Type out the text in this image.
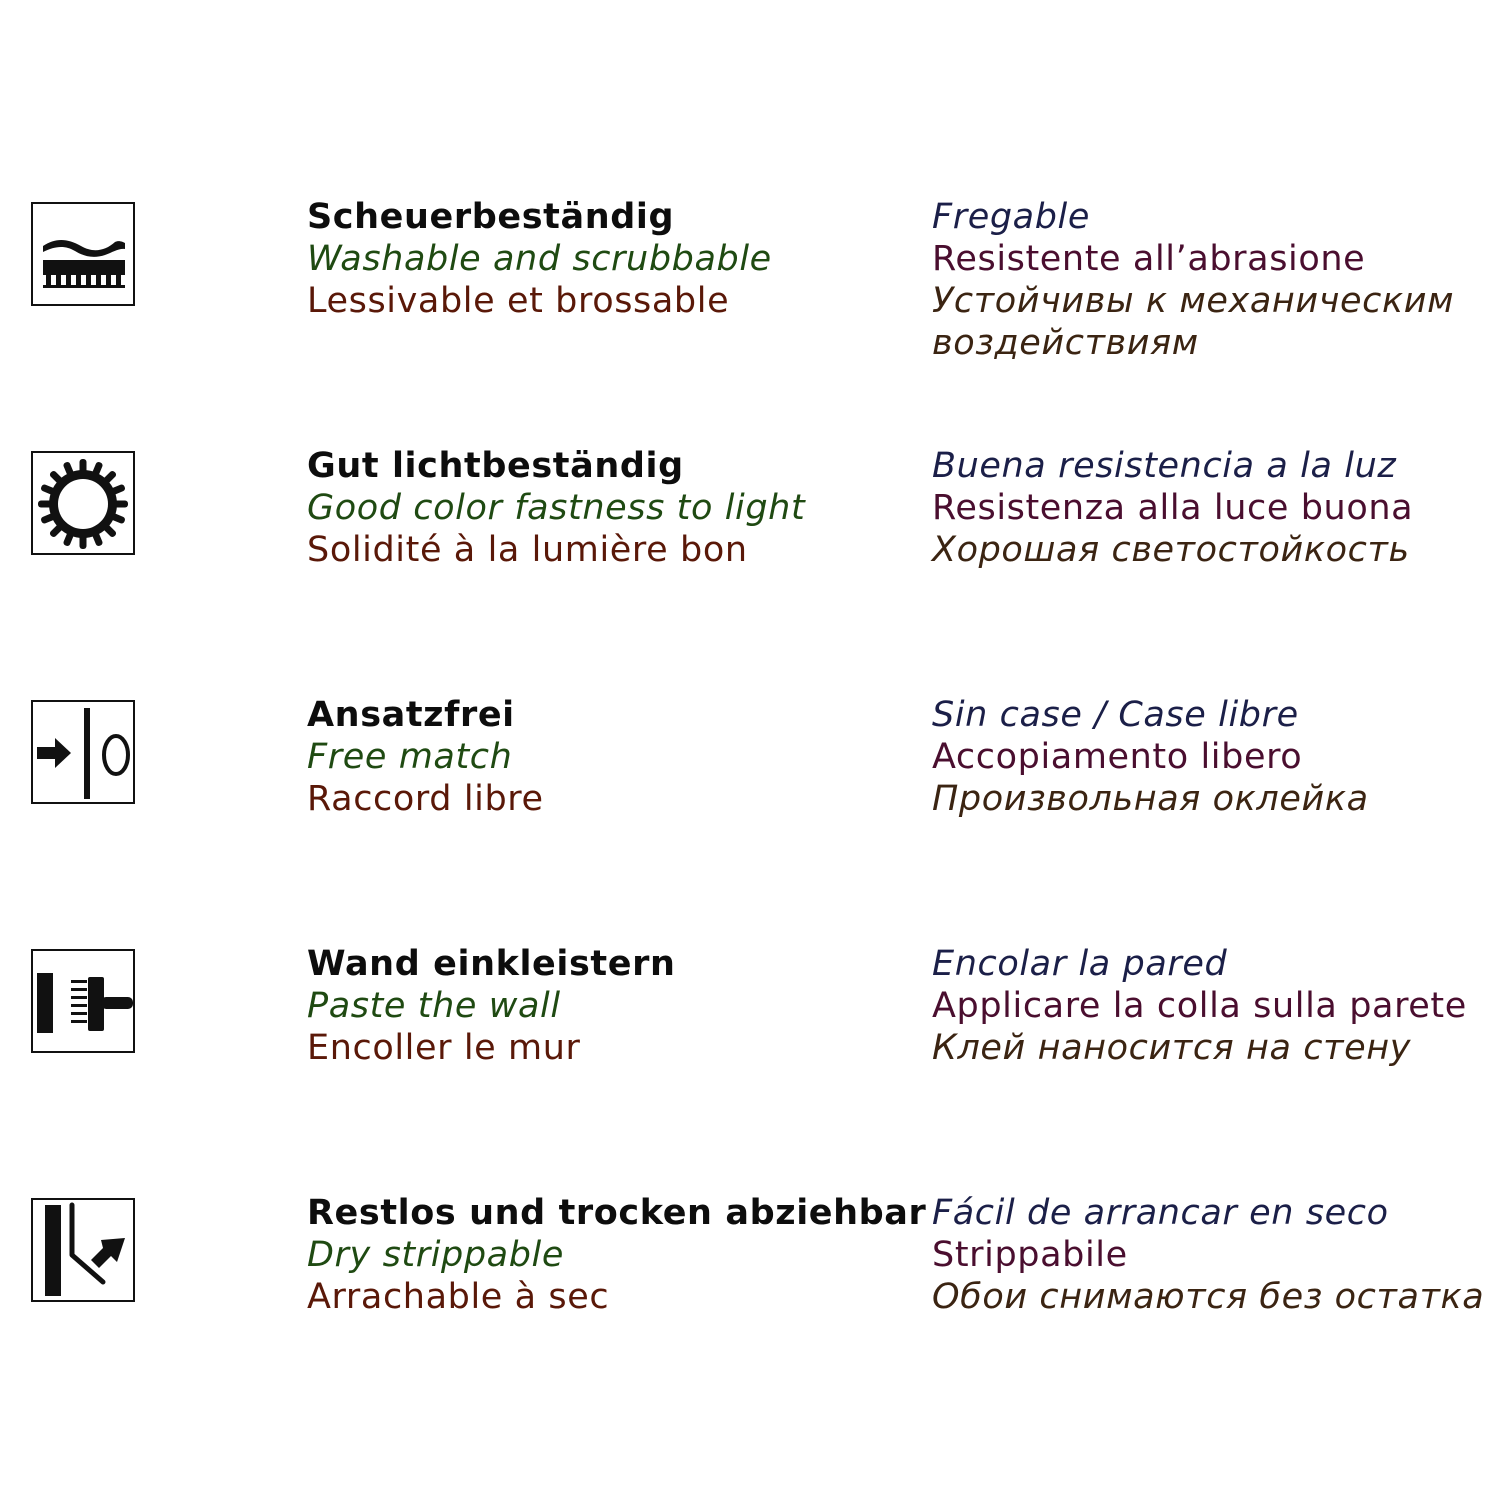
Scheuerbeständig
Washable and scrubbable
Lessivable et brossable
Fregable
Resistente all’abrasione
Устойчивы к механическим
воздействиям
Gut lichtbeständig
Good color fastness to light
Solidité à la lumière bon
Buena resistencia a la luz
Resistenza alla luce buona
Хорошая светостойкость
Ansatzfrei
Free match
Raccord libre
Sin case / Case libre
Accopiamento libero
Произвольная оклейка
Wand einkleistern
Paste the wall
Encoller le mur
Encolar la pared
Applicare la colla sulla parete
Клей наносится на стену
Restlos und trocken abziehbar
Dry strippable
Arrachable à sec
Fácil de arrancar en seco
Strippabile
Обои снимаются без остатка
